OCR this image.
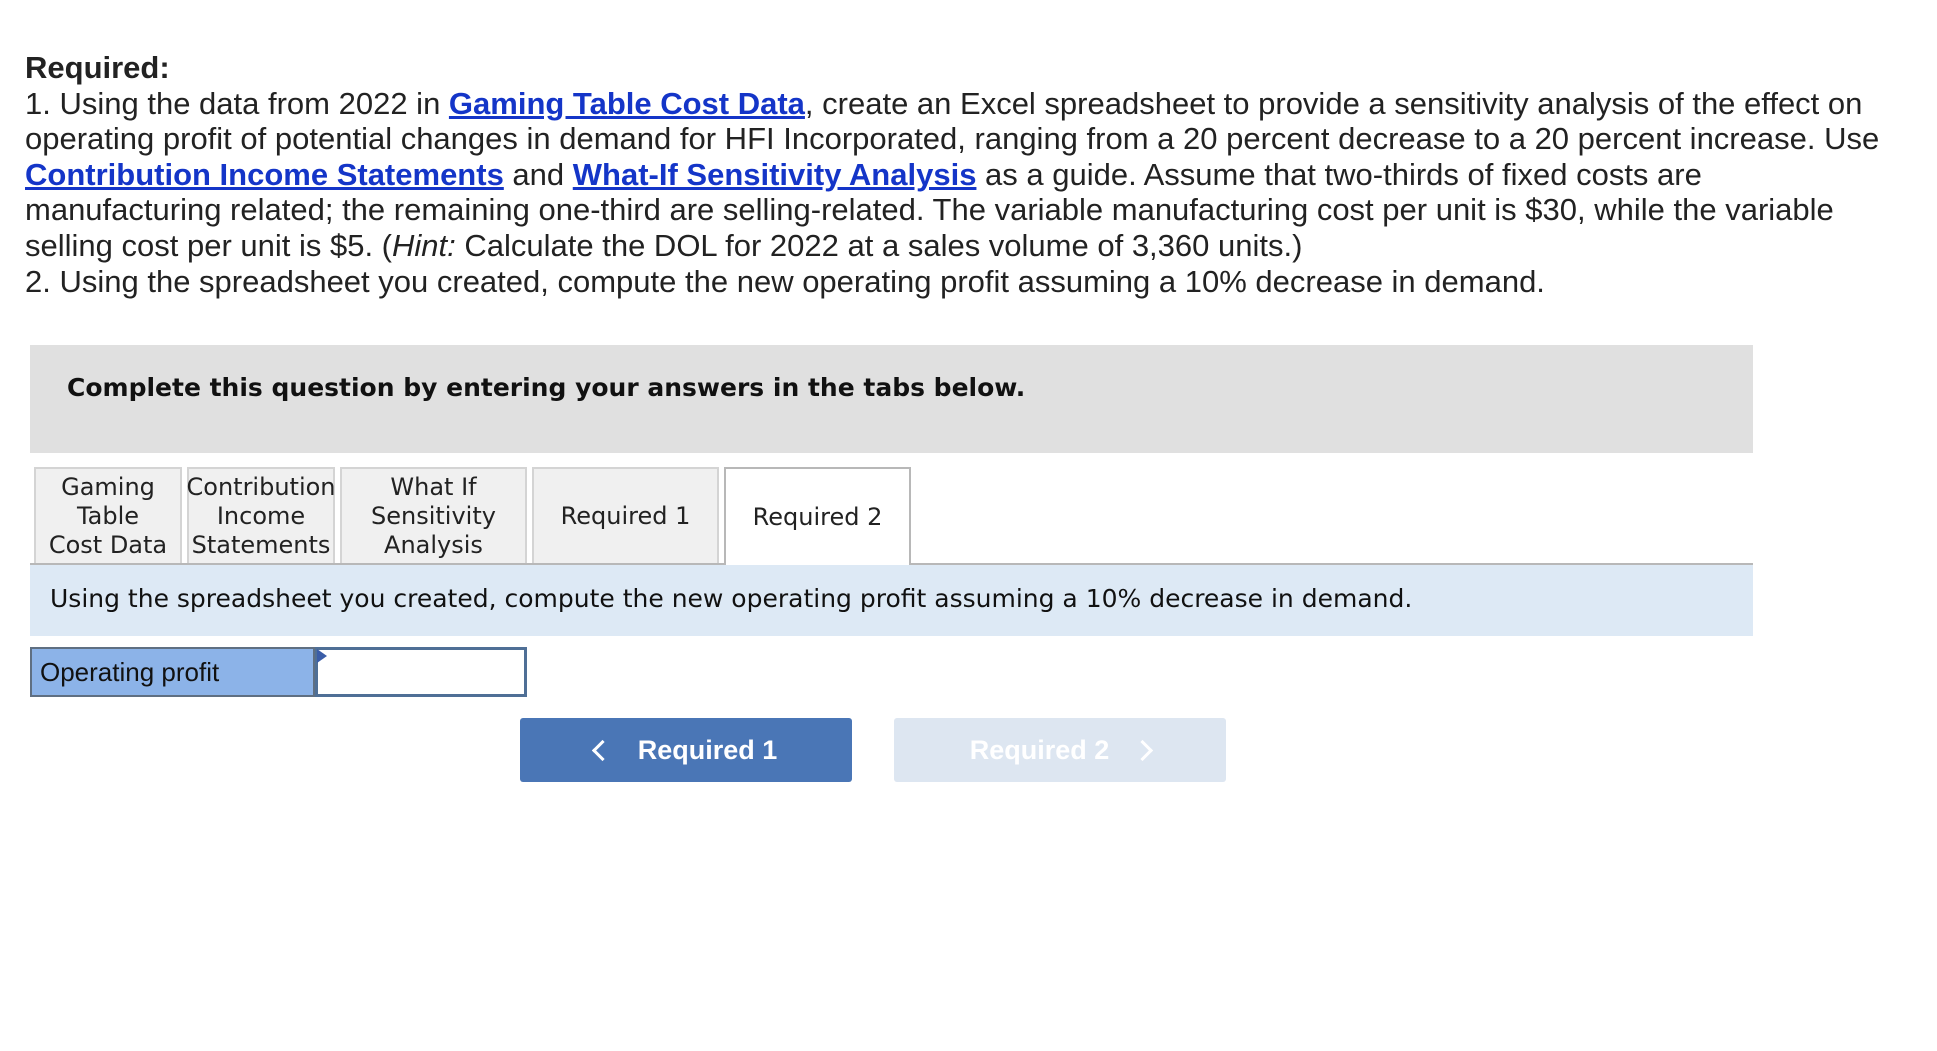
Required:

1. Using the data from 2022 in Gaming Table Cost Data, create an Excel spreadsheet to provide a sensitivity analysis of the effect on operating profit of potential changes in demand for HFI Incorporated, ranging from a 20 percent decrease to a 20 percent increase. Use Contribution Income Statements and What-If Sensitivity Analysis as a guide. Assume that two-thirds of fixed costs are manufacturing related; the remaining one-third are selling-related. The variable manufacturing cost per unit is $30, while the variable selling cost per unit is $5. (Hint: Calculate the DOL for 2022 at a sales volume of 3,360 units.)

2. Using the spreadsheet you created, compute the new operating profit assuming a 10% decrease in demand.

Complete this question by entering your answers in the tabs below.
Gaming Table
Cost Data
Contribution
Income
Statements
What If
Sensitivity
Analysis
Required 1	Required 2
Using the spreadsheet you created, compute the new operating profit assuming a 10% decrease in demand.
Operating profit
Required 1	Required 2
